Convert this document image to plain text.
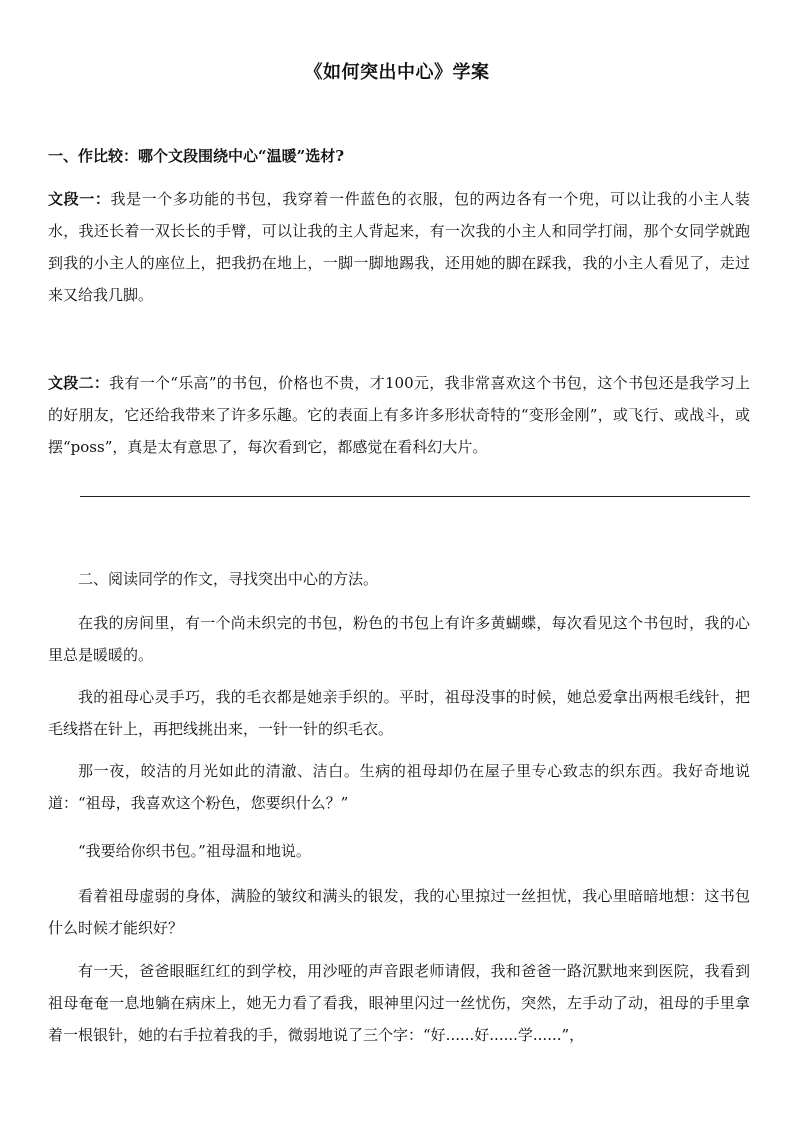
《如何突出中心》学案

一、作比较：哪个文段围绕中心“温暖”选材?

文段一：我是一个多功能的书包，我穿着一件蓝色的衣服，包的两边各有一个兜，可以让我的小主人装水，我还长着一双长长的手臂，可以让我的主人背起来，有一次我的小主人和同学打闹，那个女同学就跑到我的小主人的座位上，把我扔在地上，一脚一脚地踢我，还用她的脚在踩我，我的小主人看见了，走过来又给我几脚。

文段二：我有一个“乐高”的书包，价格也不贵，才100元，我非常喜欢这个书包，这个书包还是我学习上的好朋友，它还给我带来了许多乐趣。它的表面上有多许多形状奇特的“变形金刚”，或飞行、或战斗，或摆“poss”，真是太有意思了，每次看到它，都感觉在看科幻大片。

二、阅读同学的作文，寻找突出中心的方法。

在我的房间里，有一个尚未织完的书包，粉色的书包上有许多黄蝴蝶，每次看见这个书包时，我的心里总是暖暖的。

我的祖母心灵手巧，我的毛衣都是她亲手织的。平时，祖母没事的时候，她总爱拿出两根毛线针，把毛线搭在针上，再把线挑出来，一针一针的织毛衣。

那一夜，皎洁的月光如此的清澈、洁白。生病的祖母却仍在屋子里专心致志的织东西。我好奇地说道：“祖母，我喜欢这个粉色，您要织什么？”

“我要给你织书包。”祖母温和地说。

看着祖母虚弱的身体，满脸的皱纹和满头的银发，我的心里掠过一丝担忧，我心里暗暗地想：这书包什么时候才能织好？

有一天，爸爸眼眶红红的到学校，用沙哑的声音跟老师请假，我和爸爸一路沉默地来到医院，我看到祖母奄奄一息地躺在病床上，她无力看了看我，眼神里闪过一丝忧伤，突然，左手动了动，祖母的手里拿着一根银针，她的右手拉着我的手，微弱地说了三个字：“好......好......学......”，
